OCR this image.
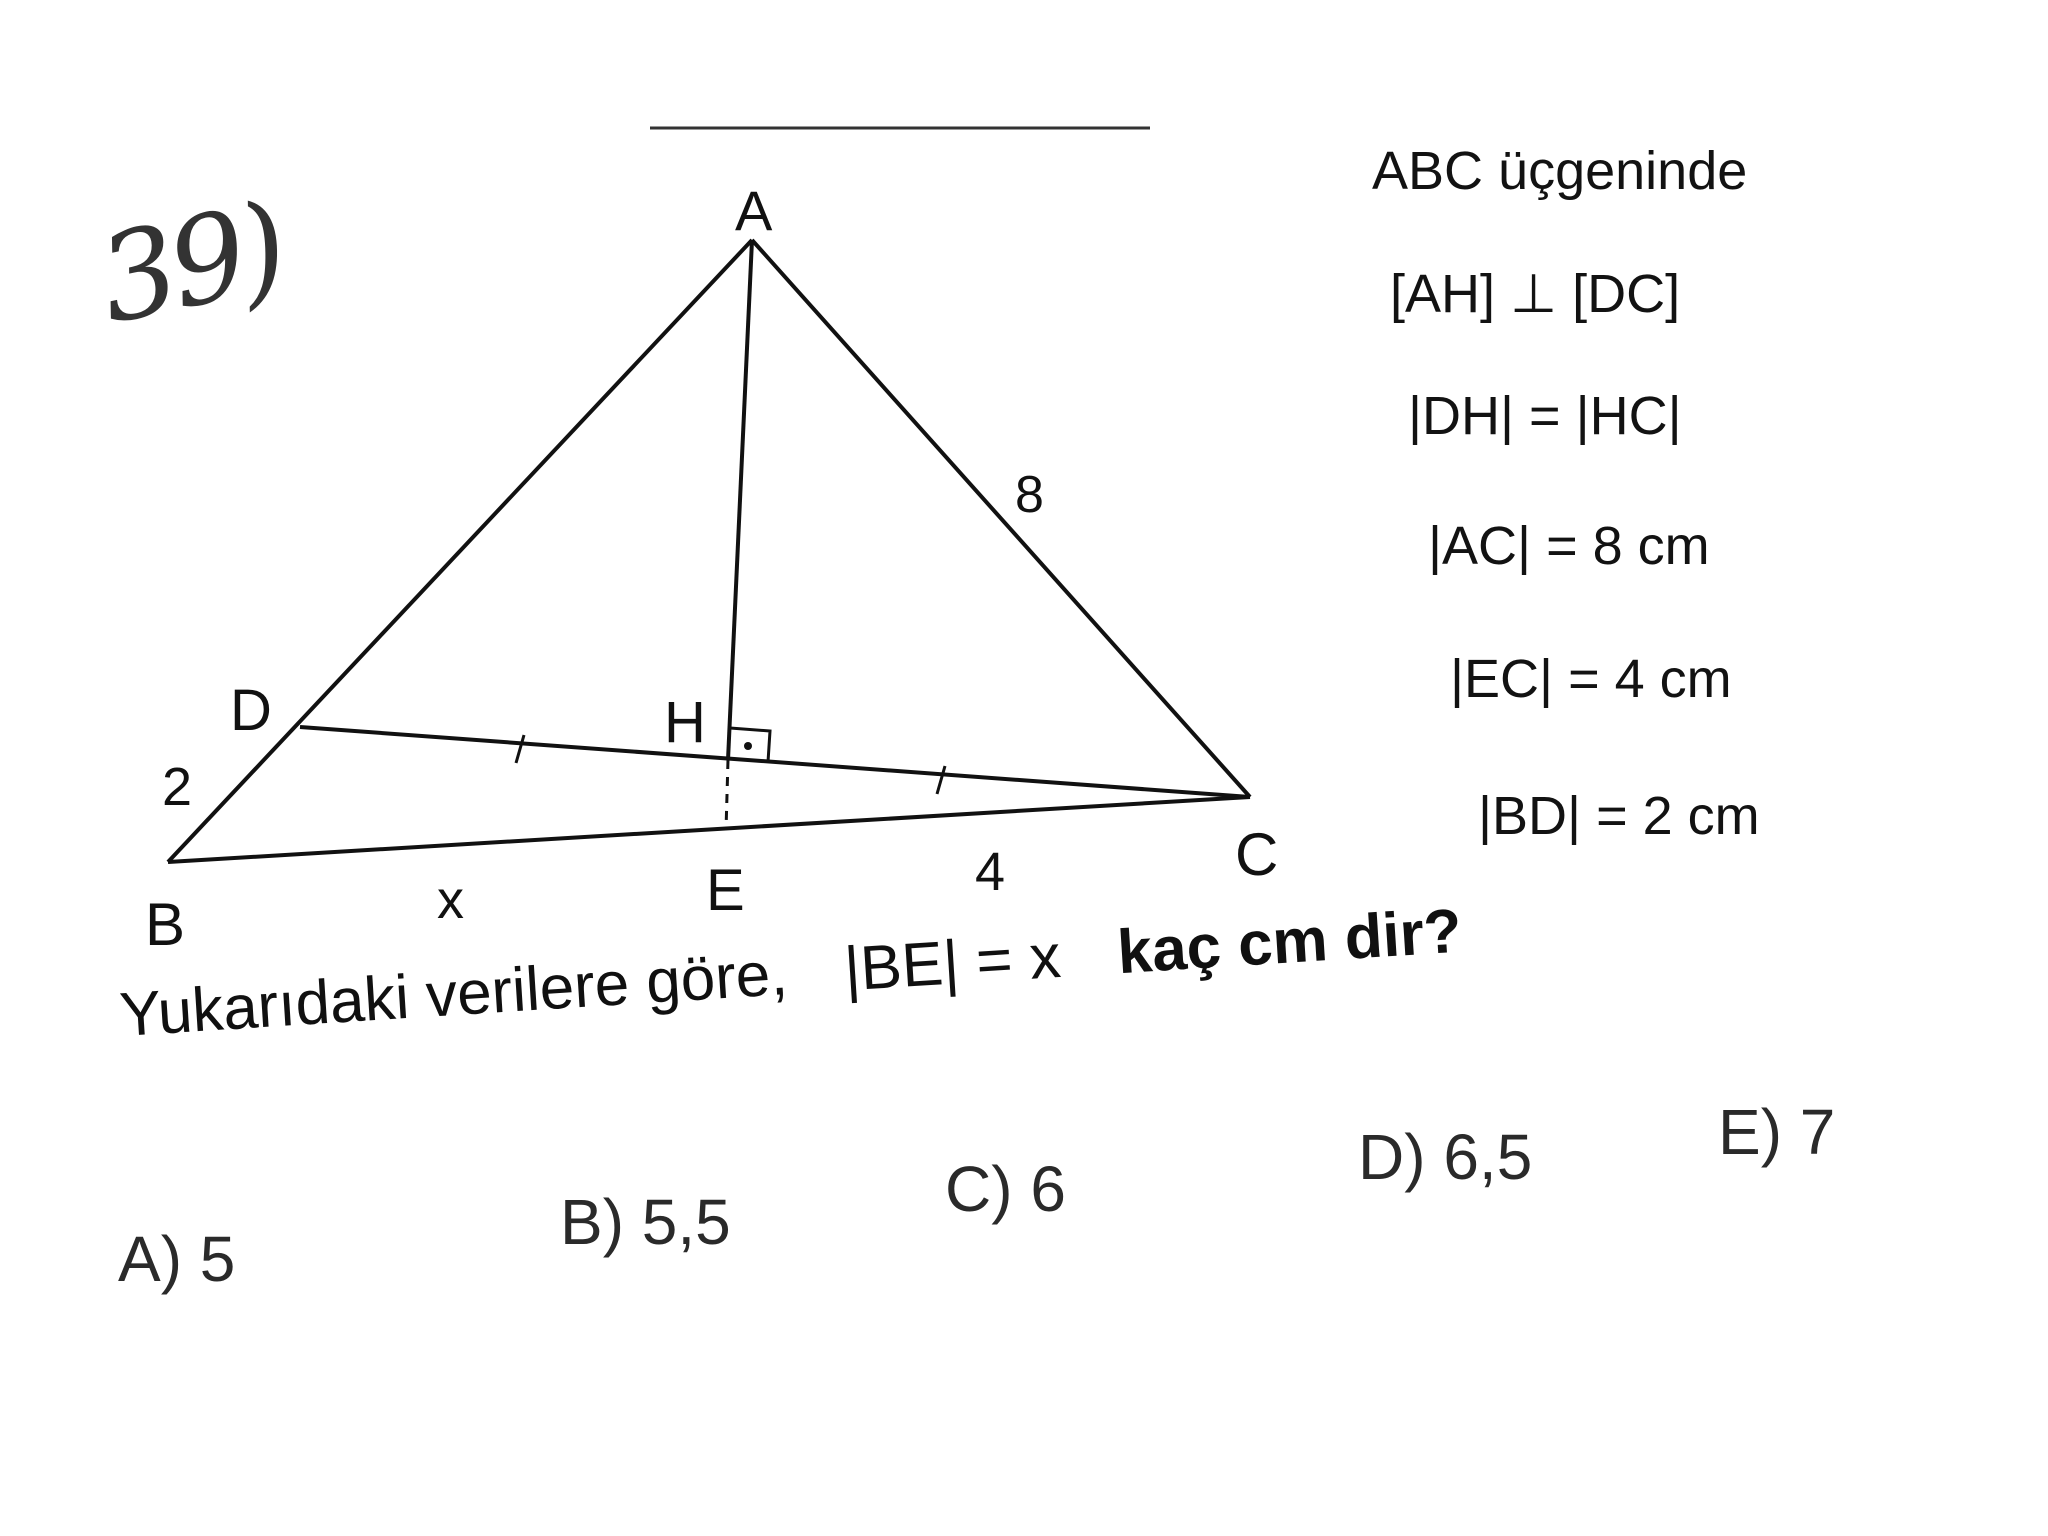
A
B
C
D
E
H
8
2
x	4
39)
ABC üçgeninde
[AH] ⊥ [DC]
|DH| = |HC|
|AC| = 8 cm
|EC| = 4 cm
|BD| = 2 cm
Yukarıdaki verilere göre, |BE| = x kaç cm dir?
A) 5
B) 5,5	C) 6	D) 6,5	E) 7
